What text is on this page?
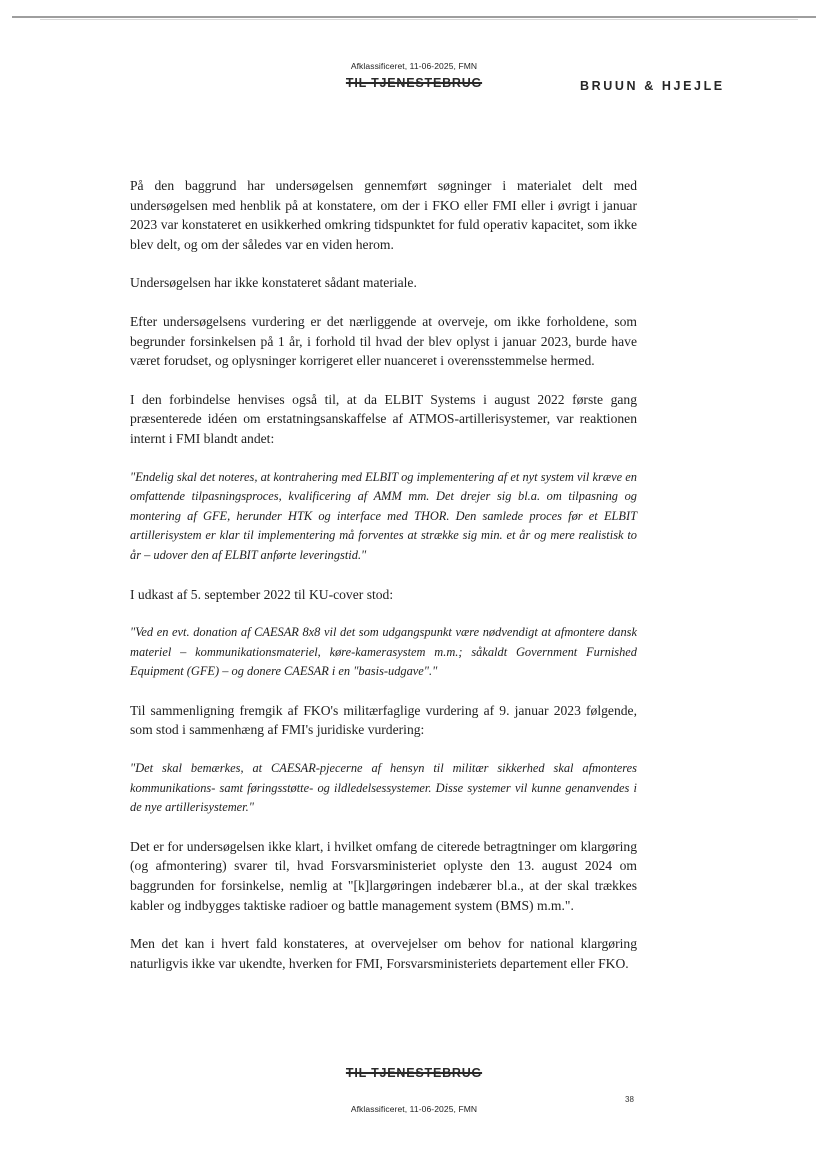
Afklassificeret, 11-06-2025, FMN
TIL TJENESTEBRUG	BRUUN & HJEJLE

På den baggrund har undersøgelsen gennemført søgninger i materialet delt med undersøgelsen med henblik på at konstatere, om der i FKO eller FMI eller i øvrigt i januar 2023 var konstateret en usikkerhed omkring tidspunktet for fuld operativ kapacitet, som ikke blev delt, og om der således var en viden herom.

Undersøgelsen har ikke konstateret sådant materiale.

Efter undersøgelsens vurdering er det nærliggende at overveje, om ikke forholdene, som begrunder forsinkelsen på 1 år, i forhold til hvad der blev oplyst i januar 2023, burde have været forudset, og oplysninger korrigeret eller nuanceret i overensstemmelse hermed.

I den forbindelse henvises også til, at da ELBIT Systems i august 2022 første gang præsenterede idéen om erstatningsanskaffelse af ATMOS-artillerisystemer, var reaktionen internt i FMI blandt andet:

"Endelig skal det noteres, at kontrahering med ELBIT og implementering af et nyt system vil kræve en omfattende tilpasningsproces, kvalificering af AMM mm. Det drejer sig bl.a. om tilpasning og montering af GFE, herunder HTK og interface med THOR. Den samlede proces før et ELBIT artillerisystem er klar til implementering må forventes at strække sig min. et år og mere realistisk to år – udover den af ELBIT anførte leveringstid."

I udkast af 5. september 2022 til KU-cover stod:

"Ved en evt. donation af CAESAR 8x8 vil det som udgangspunkt være nødvendigt at afmontere dansk materiel – kommunikationsmateriel, køre-kamerasystem m.m.; såkaldt Government Furnished Equipment (GFE) – og donere CAESAR i en "basis-udgave"."

Til sammenligning fremgik af FKO's militærfaglige vurdering af 9. januar 2023 følgende, som stod i sammenhæng af FMI's juridiske vurdering:

"Det skal bemærkes, at CAESAR-pjecerne af hensyn til militær sikkerhed skal afmonteres kommunikations- samt føringsstøtte- og ildledelsessystemer. Disse systemer vil kunne genanvendes i de nye artillerisystemer."

Det er for undersøgelsen ikke klart, i hvilket omfang de citerede betragtninger om klargøring (og afmontering) svarer til, hvad Forsvarsministeriet oplyste den 13. august 2024 om baggrunden for forsinkelse, nemlig at "[k]largøringen indebærer bl.a., at der skal trækkes kabler og indbygges taktiske radioer og battle management system (BMS) m.m.".

Men det kan i hvert fald konstateres, at overvejelser om behov for national klargøring naturligvis ikke var ukendte, hverken for FMI, Forsvarsministeriets departement eller FKO.

TIL TJENESTEBRUG
38
Afklassificeret, 11-06-2025, FMN
